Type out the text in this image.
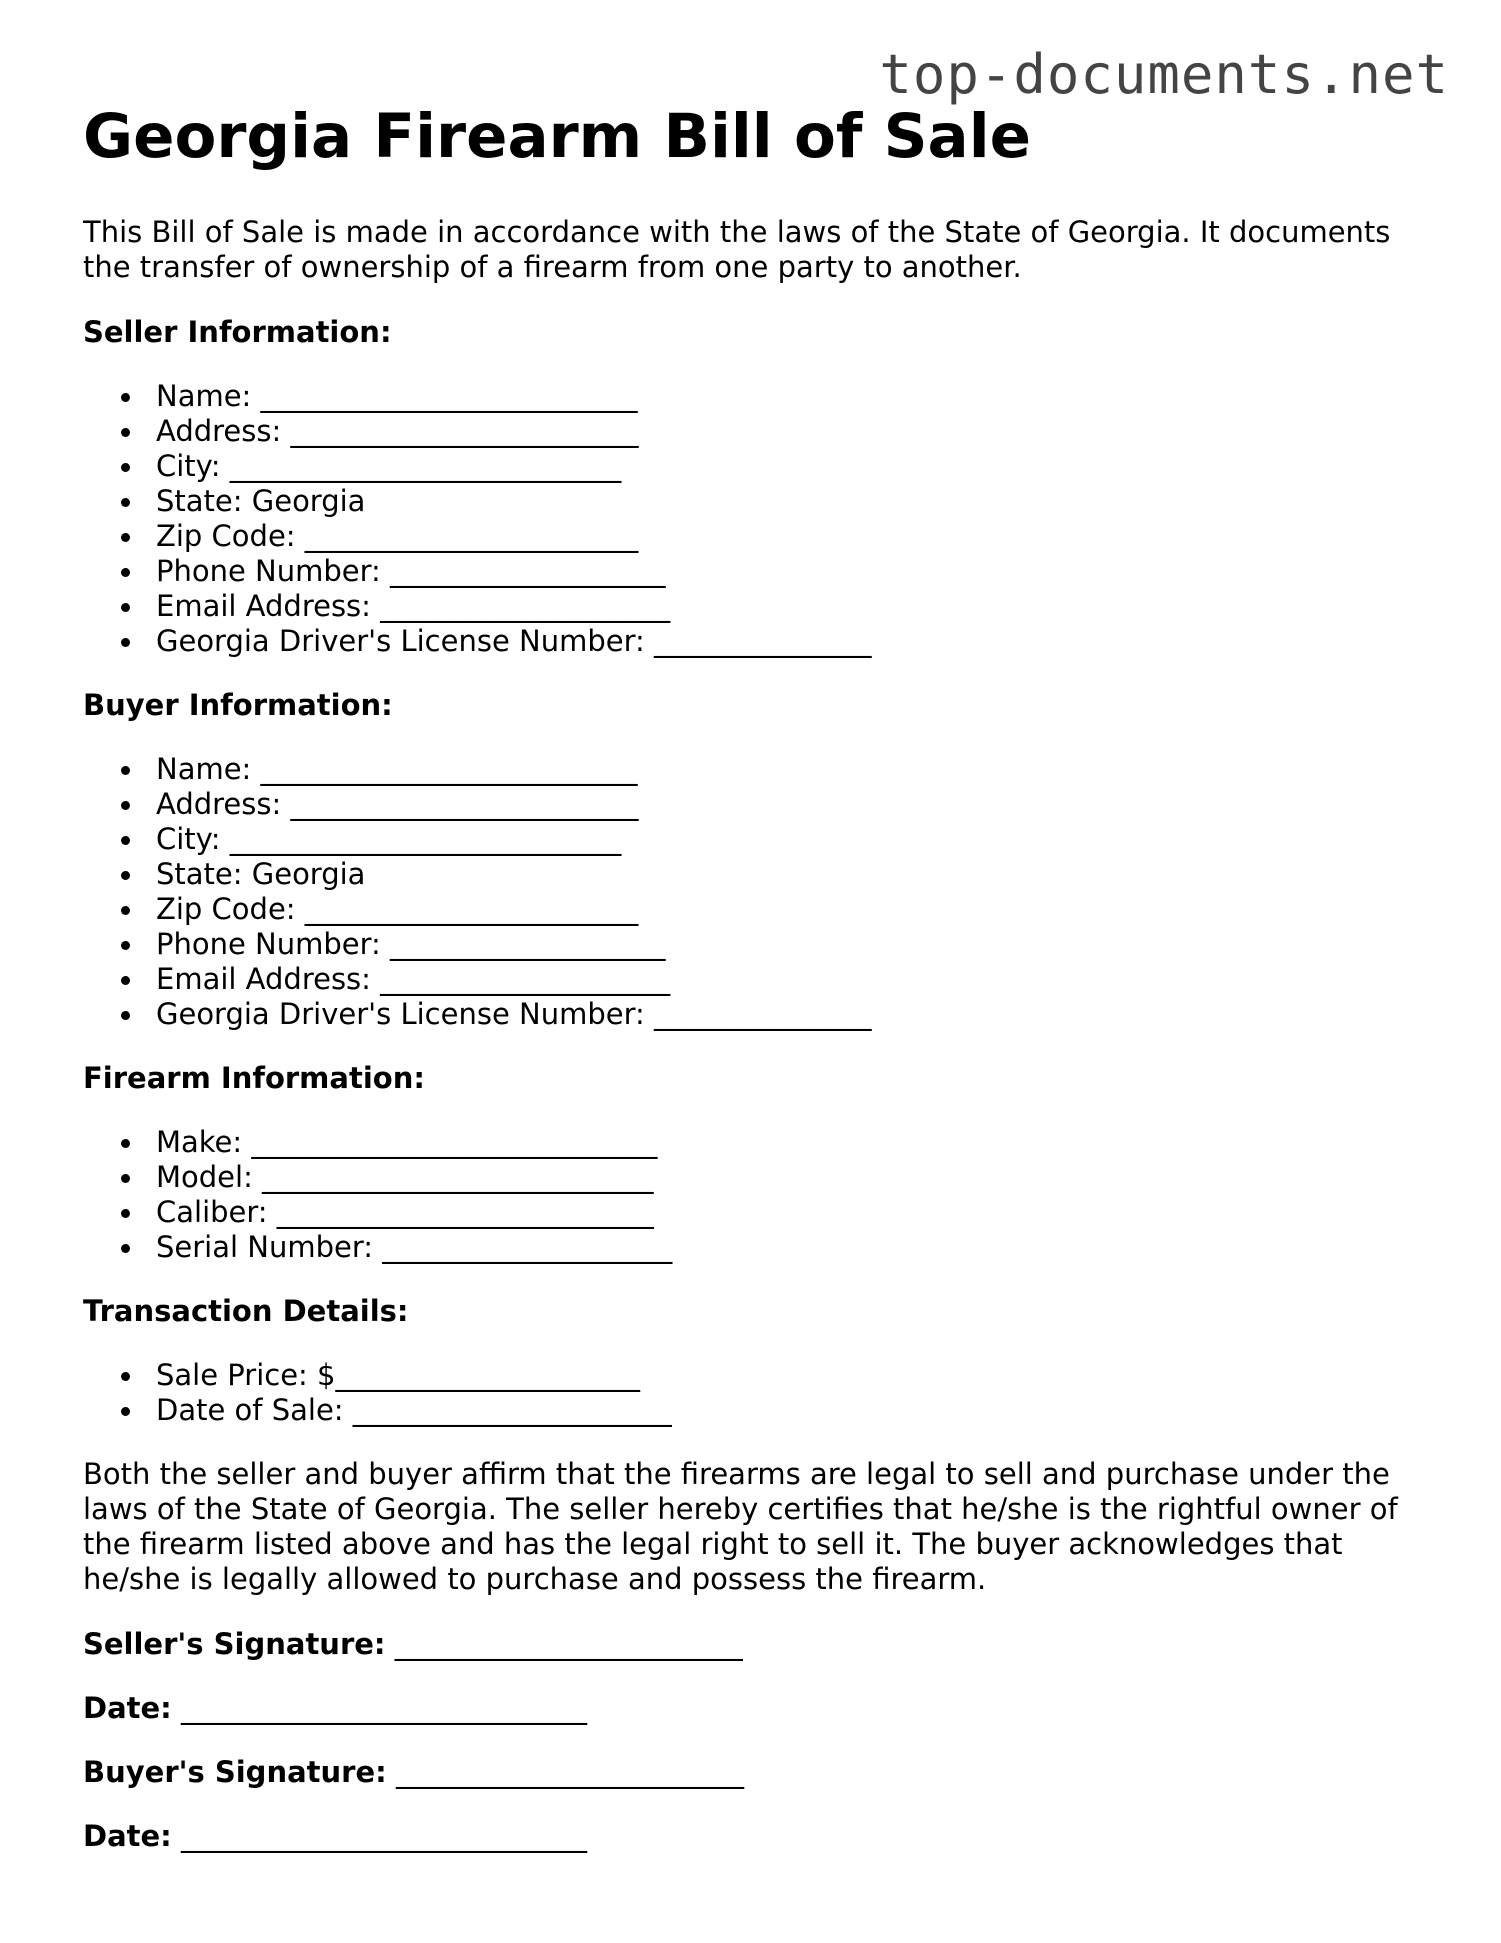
top-documents.net
Georgia Firearm Bill of Sale

This Bill of Sale is made in accordance with the laws of the State of Georgia. It documents the transfer of ownership of a firearm from one party to another.

Seller Information:
Name: __________________________
Address: ________________________
City: ___________________________
State: Georgia
Zip Code: _______________________
Phone Number: ___________________
Email Address: ____________________
Georgia Driver's License Number: _______________
Buyer Information:
Name: __________________________
Address: ________________________
City: ___________________________
State: Georgia
Zip Code: _______________________
Phone Number: ___________________
Email Address: ____________________
Georgia Driver's License Number: _______________
Firearm Information:
Make: ____________________________
Model: ___________________________
Caliber: __________________________
Serial Number: ____________________
Transaction Details:
Sale Price: $_____________________
Date of Sale: ______________________

Both the seller and buyer affirm that the firearms are legal to sell and purchase under the laws of the State of Georgia. The seller hereby certifies that he/she is the rightful owner of the firearm listed above and has the legal right to sell it. The buyer acknowledges that he/she is legally allowed to purchase and possess the firearm.

Seller's Signature: ________________________
Date: ____________________________
Buyer's Signature: ________________________
Date: ____________________________
